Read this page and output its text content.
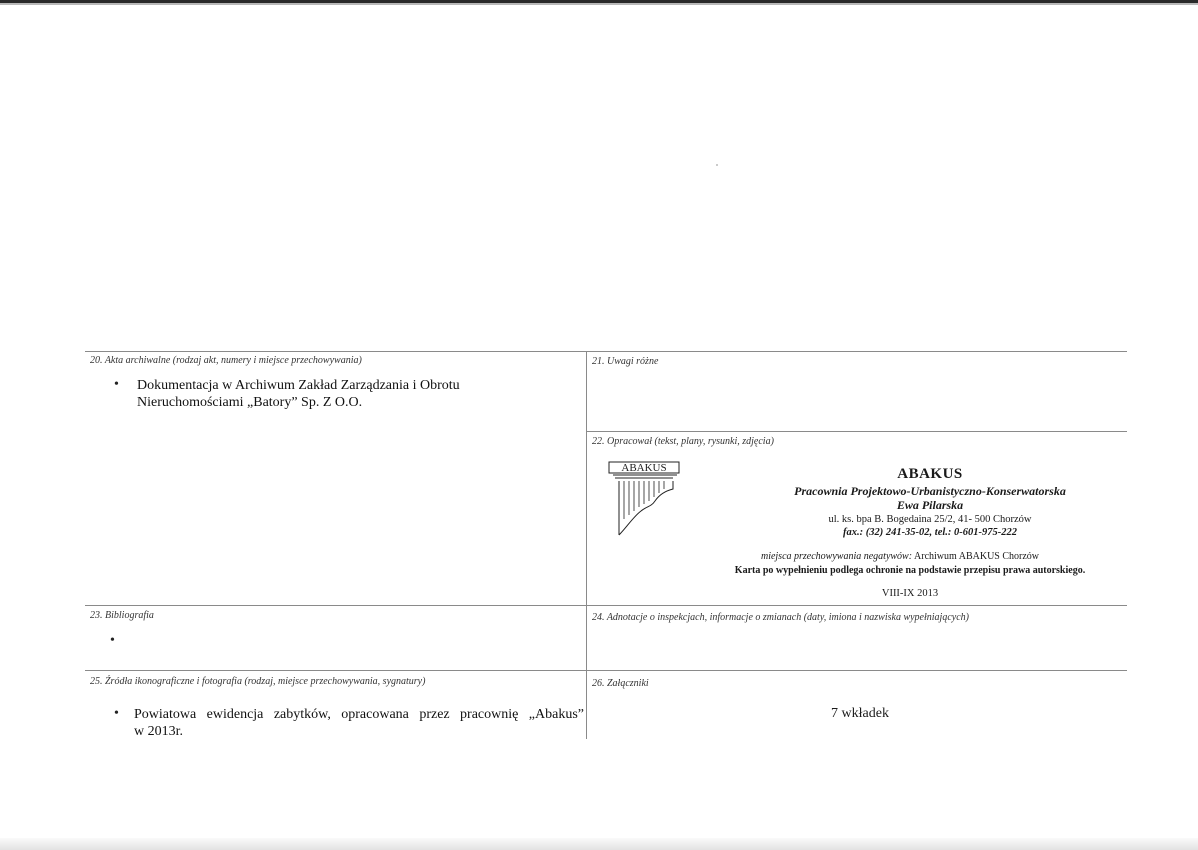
20. Akta archiwalne (rodzaj akt, numery i miejsce przechowywania)
• Dokumentacja w Archiwum Zakład Zarządzania i Obrotu
Nieruchomościami „Batory” Sp. Z O.O.
21. Uwagi różne
22. Opracował (tekst, plany, rysunki, zdjęcia)
ABAKUS	ABAKUS
Pracownia Projektowo-Urbanistyczno-Konserwatorska
Ewa Pilarska
ul. ks. bpa B. Bogedaina 25/2, 41- 500 Chorzów
fax.: (32) 241-35-02, tel.: 0-601-975-222
miejsca przechowywania negatywów: Archiwum ABAKUS Chorzów
Karta po wypełnieniu podlega ochronie na podstawie przepisu prawa autorskiego.
VIII-IX 2013
23. Bibliografia
•
24. Adnotacje o inspekcjach, informacje o zmianach (daty, imiona i nazwiska wypełniających)
25. Źródła ikonograficzne i fotografia (rodzaj, miejsce przechowywania, sygnatury)
• Powiatowa ewidencja zabytków, opracowana przez pracownię „Abakus”
w 2013r.
26. Załączniki
7 wkładek
